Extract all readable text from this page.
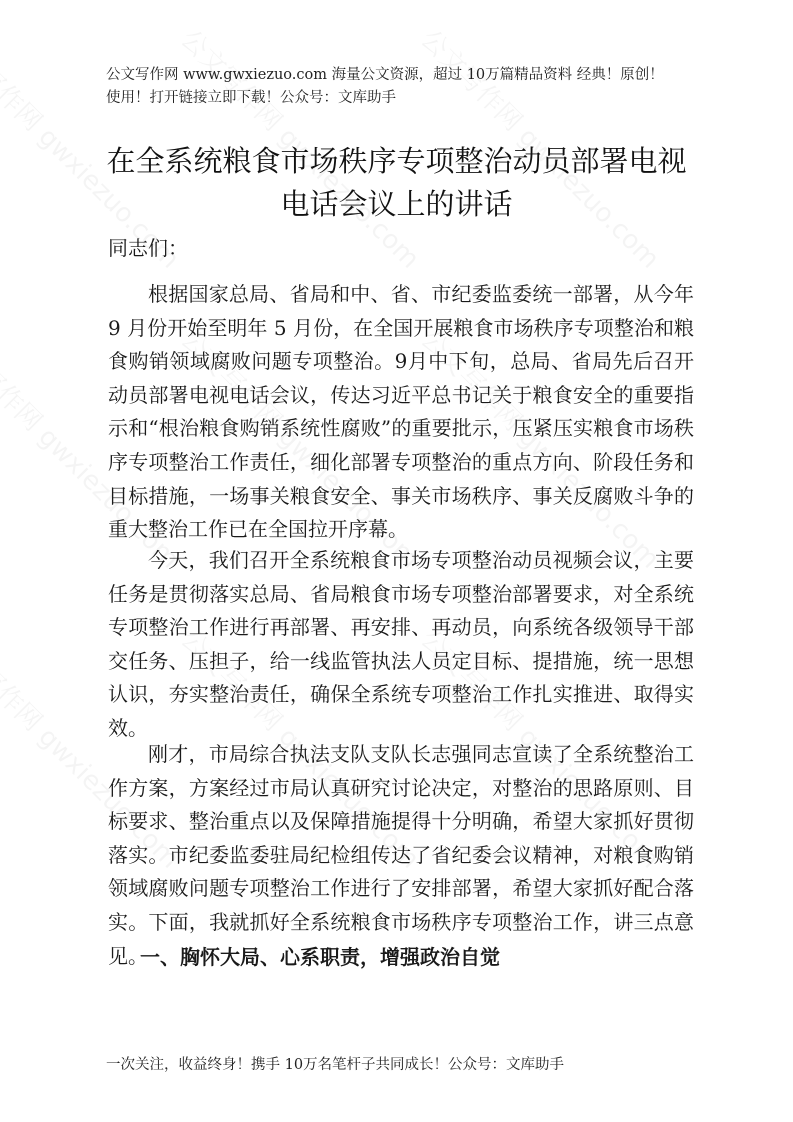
公文写作网 www.gwxiezuo.com 海量公文资源，超过 10万篇精品资料 经典！原创！
使用！打开链接立即下载！公众号：文库助手
在全系统粮食市场秩序专项整治动员部署电视
电话会议上的讲话
同志们：

根据国家总局、省局和中、省、市纪委监委统一部署，从今年 9 月份开始至明年 5 月份，在全国开展粮食市场秩序专项整治和粮食购销领域腐败问题专项整治。9月中下旬，总局、省局先后召开动员部署电视电话会议，传达习近平总书记关于粮食安全的重要指示和“根治粮食购销系统性腐败”的重要批示，压紧压实粮食市场秩序专项整治工作责任，细化部署专项整治的重点方向、阶段任务和目标措施，一场事关粮食安全、事关市场秩序、事关反腐败斗争的重大整治工作已在全国拉开序幕。

今天，我们召开全系统粮食市场专项整治动员视频会议，主要任务是贯彻落实总局、省局粮食市场专项整治部署要求，对全系统专项整治工作进行再部署、再安排、再动员，向系统各级领导干部交任务、压担子，给一线监管执法人员定目标、提措施，统一思想认识，夯实整治责任，确保全系统专项整治工作扎实推进、取得实效。

刚才，市局综合执法支队支队长志强同志宣读了全系统整治工作方案，方案经过市局认真研究讨论决定，对整治的思路原则、目标要求、整治重点以及保障措施提得十分明确，希望大家抓好贯彻落实。市纪委监委驻局纪检组传达了省纪委会议精神，对粮食购销领域腐败问题专项整治工作进行了安排部署，希望大家抓好配合落实。下面，我就抓好全系统粮食市场秩序专项整治工作，讲三点意见。

一、胸怀大局、心系职责，增强政治自觉
一次关注，收益终身！携手 10万名笔杆子共同成长！公众号：文库助手
